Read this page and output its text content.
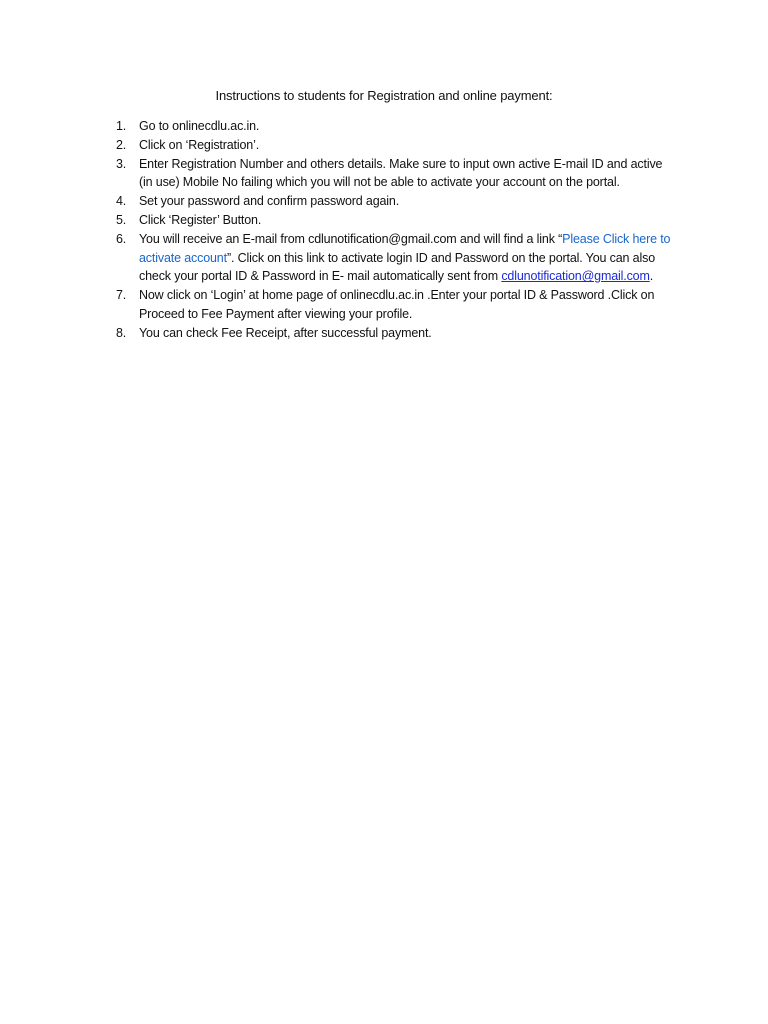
Instructions to students for Registration and online payment:
1. Go to onlinecdlu.ac.in.
2. Click on ‘Registration’.
3. Enter Registration Number and others details. Make sure to input own active E-mail ID and active (in use) Mobile No failing which you will not be able to activate your account on the portal.
4. Set your password and confirm password again.
5. Click ‘Register’ Button.
6. You will receive an E-mail from cdlunotification@gmail.com and will find a link “Please Click here to activate account”. Click on this link to activate login ID and Password on the portal. You can also check your portal ID & Password in E- mail automatically sent from cdlunotification@gmail.com.
7. Now click on ‘Login’ at home page of onlinecdlu.ac.in .Enter your portal ID & Password .Click on Proceed to Fee Payment after viewing your profile.
8. You can check Fee Receipt, after successful payment.
